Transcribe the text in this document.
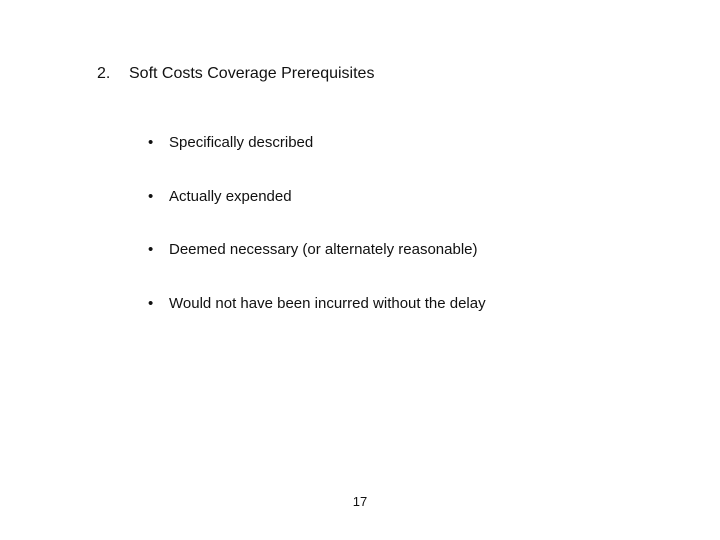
2. Soft Costs Coverage Prerequisites
• Specifically described
• Actually expended
• Deemed necessary (or alternately reasonable)
• Would not have been incurred without the delay
17
